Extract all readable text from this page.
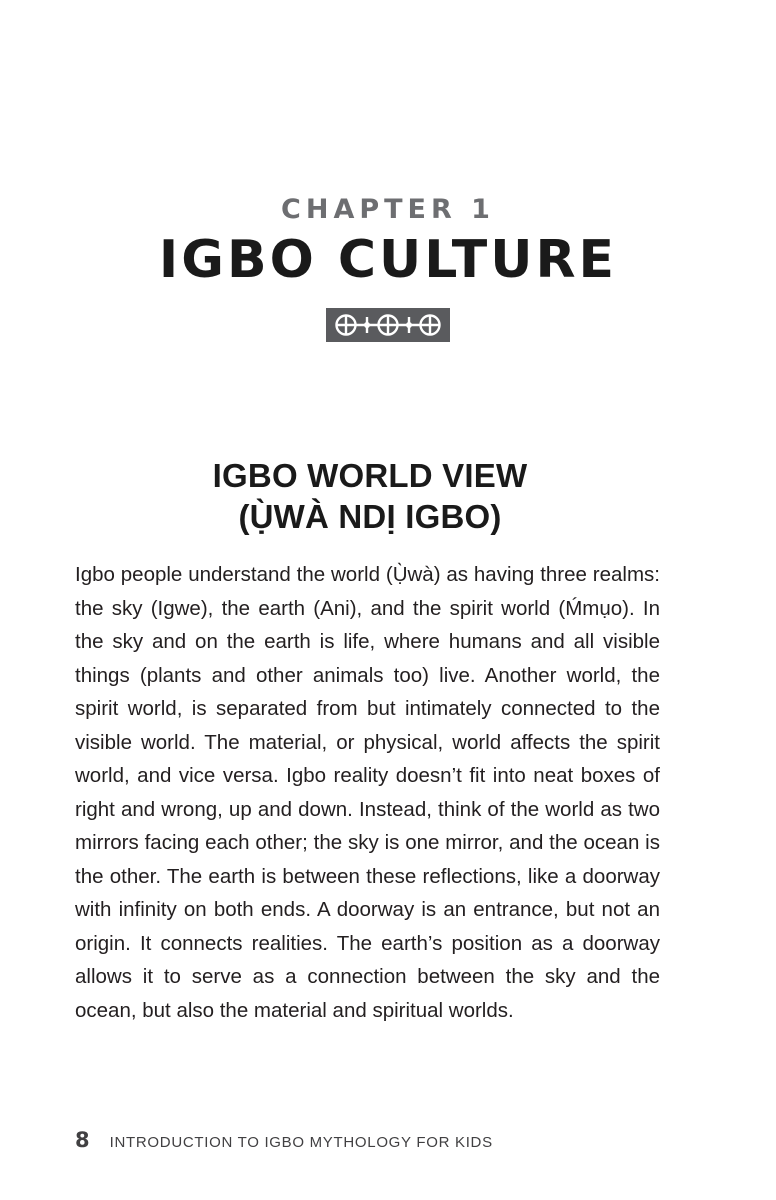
CHAPTER 1

IGBO CULTURE
IGBO WORLD VIEW
(Ụ̀WÀ NDỊ IGBO)

Igbo people understand the world (Ụ̀wà) as having three realms: the sky (Igwe), the earth (Ani), and the spirit world (Ḿmụo). In the sky and on the earth is life, where humans and all visible things (plants and other animals too) live. Another world, the spirit world, is separated from but intimately connected to the visible world. The material, or physical, world affects the spirit world, and vice versa. Igbo reality doesn’t fit into neat boxes of right and wrong, up and down. Instead, think of the world as two mirrors facing each other; the sky is one mirror, and the ocean is the other. The earth is between these reflections, like a doorway with infinity on both ends. A doorway is an entrance, but not an origin. It connects realities. The earth’s position as a doorway allows it to serve as a connection between the sky and the ocean, but also the material and spiritual worlds.

8 INTRODUCTION TO IGBO MYTHOLOGY FOR KIDS
